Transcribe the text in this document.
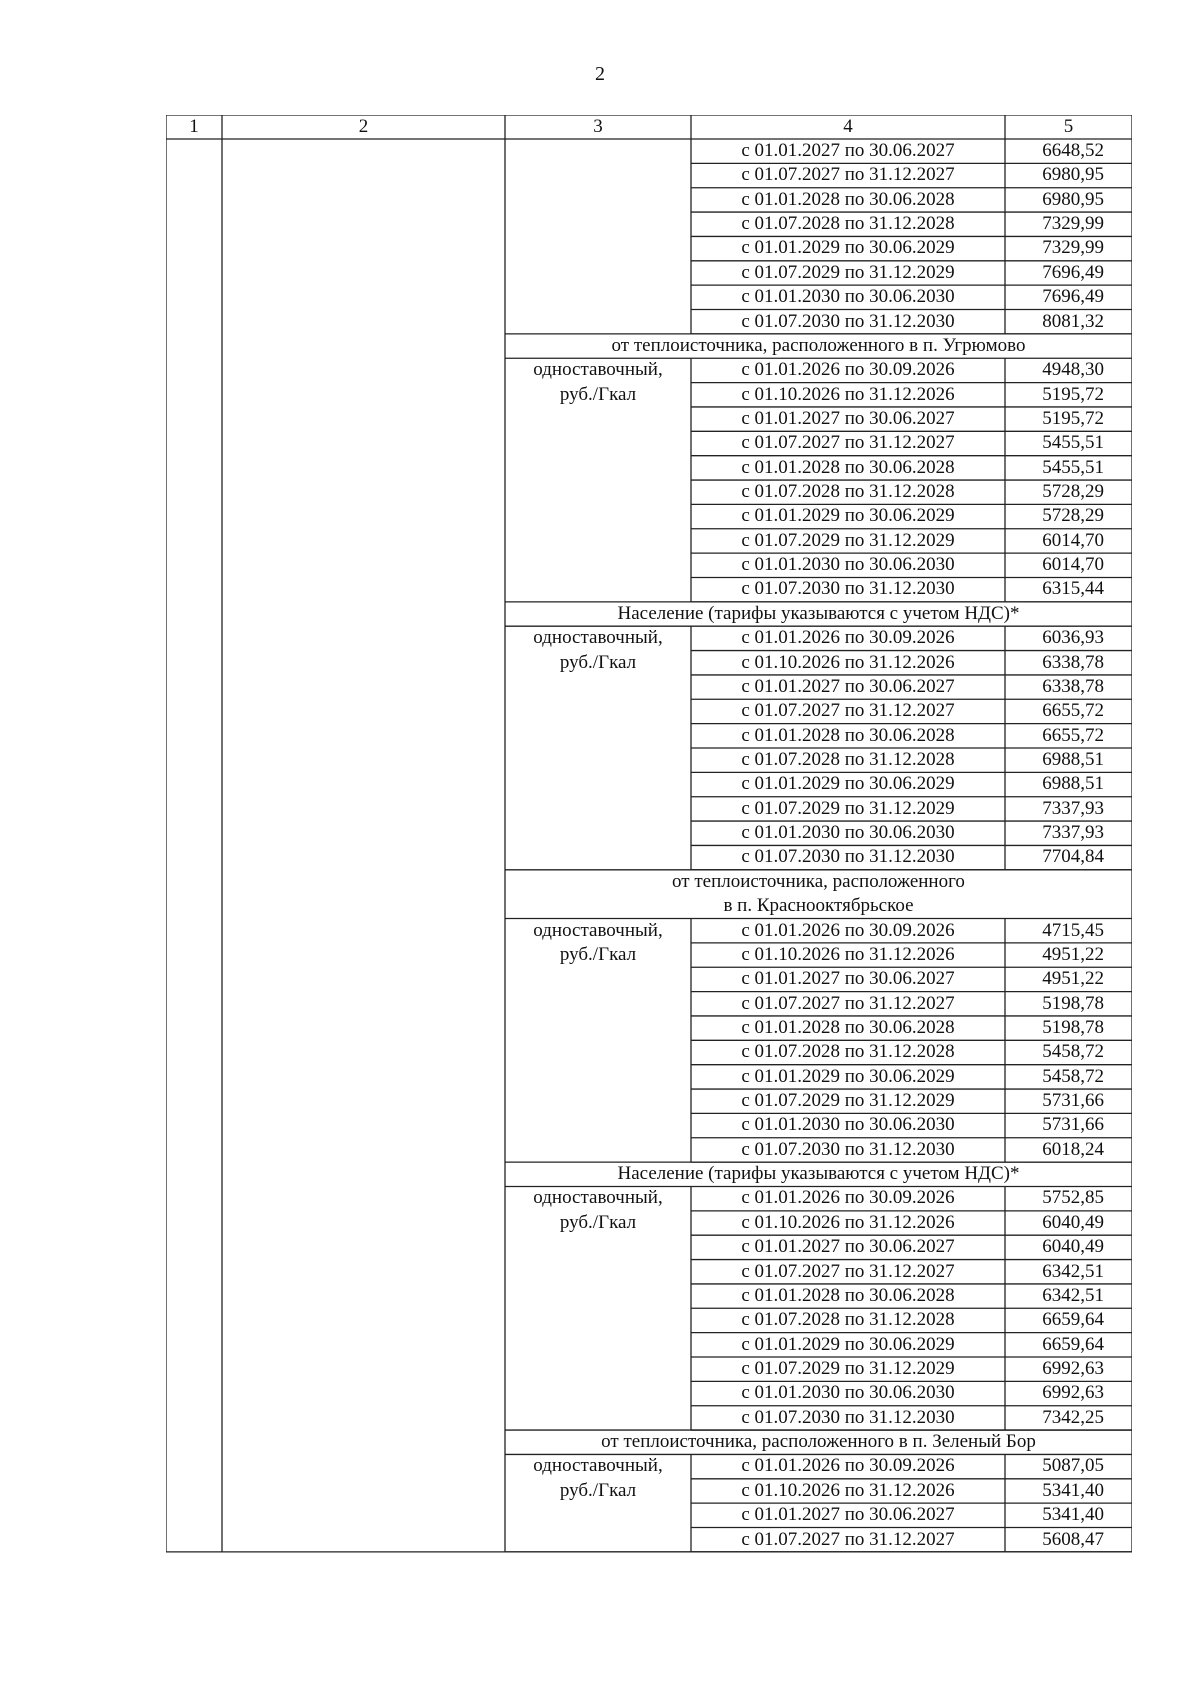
2
1	2	3	4	5
с 01.01.2027 по 30.06.2027	6648,52
с 01.07.2027 по 31.12.2027	6980,95
с 01.01.2028 по 30.06.2028	6980,95
с 01.07.2028 по 31.12.2028	7329,99
с 01.01.2029 по 30.06.2029	7329,99
с 01.07.2029 по 31.12.2029	7696,49
с 01.01.2030 по 30.06.2030	7696,49
с 01.07.2030 по 31.12.2030	8081,32
от теплоисточника, расположенного в п. Угрюмово
одноставочный,
руб./Гкал
с 01.01.2026 по 30.09.2026	4948,30
с 01.10.2026 по 31.12.2026	5195,72
с 01.01.2027 по 30.06.2027	5195,72
с 01.07.2027 по 31.12.2027	5455,51
с 01.01.2028 по 30.06.2028	5455,51
с 01.07.2028 по 31.12.2028	5728,29
с 01.01.2029 по 30.06.2029	5728,29
с 01.07.2029 по 31.12.2029	6014,70
с 01.01.2030 по 30.06.2030	6014,70
с 01.07.2030 по 31.12.2030	6315,44
Население (тарифы указываются с учетом НДС)*
одноставочный,
руб./Гкал
с 01.01.2026 по 30.09.2026	6036,93
с 01.10.2026 по 31.12.2026	6338,78
с 01.01.2027 по 30.06.2027	6338,78
с 01.07.2027 по 31.12.2027	6655,72
с 01.01.2028 по 30.06.2028	6655,72
с 01.07.2028 по 31.12.2028	6988,51
с 01.01.2029 по 30.06.2029	6988,51
с 01.07.2029 по 31.12.2029	7337,93
с 01.01.2030 по 30.06.2030	7337,93
с 01.07.2030 по 31.12.2030	7704,84
от теплоисточника, расположенного
в п. Краснооктябрьское
одноставочный,
руб./Гкал
с 01.01.2026 по 30.09.2026	4715,45
с 01.10.2026 по 31.12.2026	4951,22
с 01.01.2027 по 30.06.2027	4951,22
с 01.07.2027 по 31.12.2027	5198,78
с 01.01.2028 по 30.06.2028	5198,78
с 01.07.2028 по 31.12.2028	5458,72
с 01.01.2029 по 30.06.2029	5458,72
с 01.07.2029 по 31.12.2029	5731,66
с 01.01.2030 по 30.06.2030	5731,66
с 01.07.2030 по 31.12.2030	6018,24
Население (тарифы указываются с учетом НДС)*
одноставочный,
руб./Гкал
с 01.01.2026 по 30.09.2026	5752,85
с 01.10.2026 по 31.12.2026	6040,49
с 01.01.2027 по 30.06.2027	6040,49
с 01.07.2027 по 31.12.2027	6342,51
с 01.01.2028 по 30.06.2028	6342,51
с 01.07.2028 по 31.12.2028	6659,64
с 01.01.2029 по 30.06.2029	6659,64
с 01.07.2029 по 31.12.2029	6992,63
с 01.01.2030 по 30.06.2030	6992,63
с 01.07.2030 по 31.12.2030	7342,25
от теплоисточника, расположенного в п. Зеленый Бор
одноставочный,
руб./Гкал
с 01.01.2026 по 30.09.2026	5087,05
с 01.10.2026 по 31.12.2026	5341,40
с 01.01.2027 по 30.06.2027	5341,40
с 01.07.2027 по 31.12.2027	5608,47
